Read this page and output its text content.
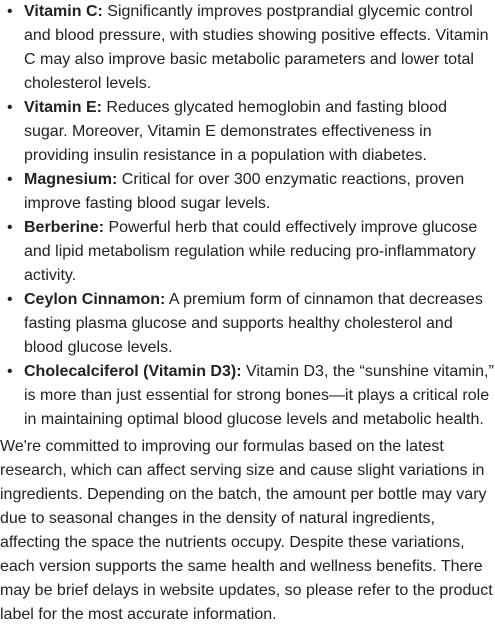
• Vitamin C: Significantly improves postprandial glycemic control and blood pressure, with studies showing positive effects. Vitamin C may also improve basic metabolic parameters and lower total cholesterol levels.
• Vitamin E: Reduces glycated hemoglobin and fasting blood sugar. Moreover, Vitamin E demonstrates effectiveness in providing insulin resistance in a population with diabetes.
• Magnesium: Critical for over 300 enzymatic reactions, proven improve fasting blood sugar levels.
• Berberine: Powerful herb that could effectively improve glucose and lipid metabolism regulation while reducing pro-inflammatory activity.
• Ceylon Cinnamon: A premium form of cinnamon that decreases fasting plasma glucose and supports healthy cholesterol and blood glucose levels.
• Cholecalciferol (Vitamin D3): Vitamin D3, the “sunshine vitamin,” is more than just essential for strong bones—it plays a critical role in maintaining optimal blood glucose levels and metabolic health.

We're committed to improving our formulas based on the latest research, which can affect serving size and cause slight variations in ingredients. Depending on the batch, the amount per bottle may vary due to seasonal changes in the density of natural ingredients, affecting the space the nutrients occupy. Despite these variations, each version supports the same health and wellness benefits. There may be brief delays in website updates, so please refer to the product label for the most accurate information.
